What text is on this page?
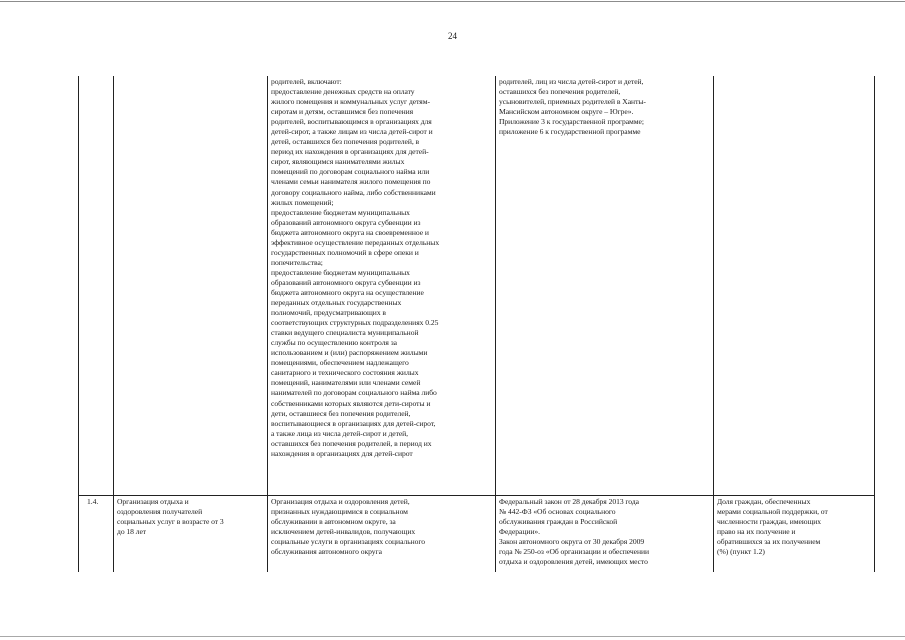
24
родителей, включают:
предоставление денежных средств на оплату
жилого помещения и коммунальных услуг детям-
сиротам и детям, оставшимся без попечения
родителей, воспитывающимся в организациях для
детей-сирот, а также лицам из числа детей-сирот и
детей, оставшихся без попечения родителей, в
период их нахождения в организациях для детей-
сирот, являющимся нанимателями жилых
помещений по договорам социального найма или
членами семьи нанимателя жилого помещения по
договору социального найма, либо собственниками
жилых помещений;
предоставление бюджетам муниципальных
образований автономного округа субвенции из
бюджета автономного округа на своевременное и
эффективное осуществление переданных отдельных
государственных полномочий в сфере опеки и
попечительства;
предоставление бюджетам муниципальных
образований автономного округа субвенции из
бюджета автономного округа на осуществление
переданных отдельных государственных
полномочий, предусматривающих в
соответствующих структурных подразделениях 0.25
ставки ведущего специалиста муниципальной
службы по осуществлению контроля за
использованием и (или) распоряжением жилыми
помещениями, обеспечением надлежащего
санитарного и технического состояния жилых
помещений, нанимателями или членами семей
нанимателей по договорам социального найма либо
собственниками которых являются дети-сироты и
дети, оставшиеся без попечения родителей,
воспитывающиеся в организациях для детей-сирот,
а также лица из числа детей-сирот и детей,
оставшихся без попечения родителей, в период их
нахождения в организациях для детей-сирот
родителей, лиц из числа детей-сирот и детей,
оставшихся без попечения родителей,
усыновителей, приемных родителей в Ханты-
Мансийском автономном округе – Югре».
Приложение 3 к государственной программе;
приложение 6 к государственной программе
1.4.	Организация отдыха и
оздоровления получателей
социальных услуг в возрасте от 3
до 18 лет
Организация отдыха и оздоровления детей,
признанных нуждающимися в социальном
обслуживании в автономном округе, за
исключением детей-инвалидов, получающих
социальные услуги в организациях социального
обслуживания автономного округа
Федеральный закон от 28 декабря 2013 года
№ 442-ФЗ «Об основах социального
обслуживания граждан в Российской
Федерации».
Закон автономного округа от 30 декабря 2009
года № 250-оз «Об организации и обеспечении
отдыха и оздоровления детей, имеющих место
Доля граждан, обеспеченных
мерами социальной поддержки, от
численности граждан, имеющих
право на их получение и
обратившихся за их получением
(%) (пункт 1.2)
